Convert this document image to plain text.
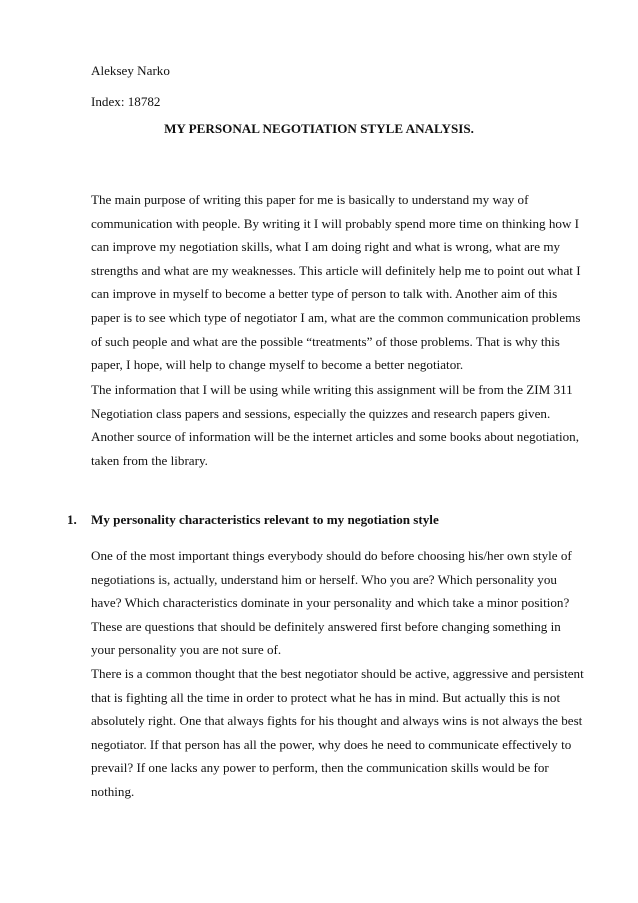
Aleksey Narko

Index: 18782

MY PERSONAL NEGOTIATION STYLE ANALYSIS.

The main purpose of writing this paper for me is basically to understand my way of
communication with people. By writing it I will probably spend more time on thinking how I
can improve my negotiation skills, what I am doing right and what is wrong, what are my
strengths and what are my weaknesses. This article will definitely help me to point out what I
can improve in myself to become a better type of person to talk with. Another aim of this
paper is to see which type of negotiator I am, what are the common communication problems
of such people and what are the possible “treatments” of those problems. That is why this
paper, I hope, will help to change myself to become a better negotiator.
The information that I will be using while writing this assignment will be from the ZIM 311
Negotiation class papers and sessions, especially the quizzes and research papers given.
Another source of information will be the internet articles and some books about negotiation,
taken from the library.

1. My personality characteristics relevant to my negotiation style

One of the most important things everybody should do before choosing his/her own style of
negotiations is, actually, understand him or herself. Who you are? Which personality you
have? Which characteristics dominate in your personality and which take a minor position?
These are questions that should be definitely answered first before changing something in
your personality you are not sure of.
There is a common thought that the best negotiator should be active, aggressive and persistent
that is fighting all the time in order to protect what he has in mind. But actually this is not
absolutely right. One that always fights for his thought and always wins is not always the best
negotiator. If that person has all the power, why does he need to communicate effectively to
prevail? If one lacks any power to perform, then the communication skills would be for
nothing.
